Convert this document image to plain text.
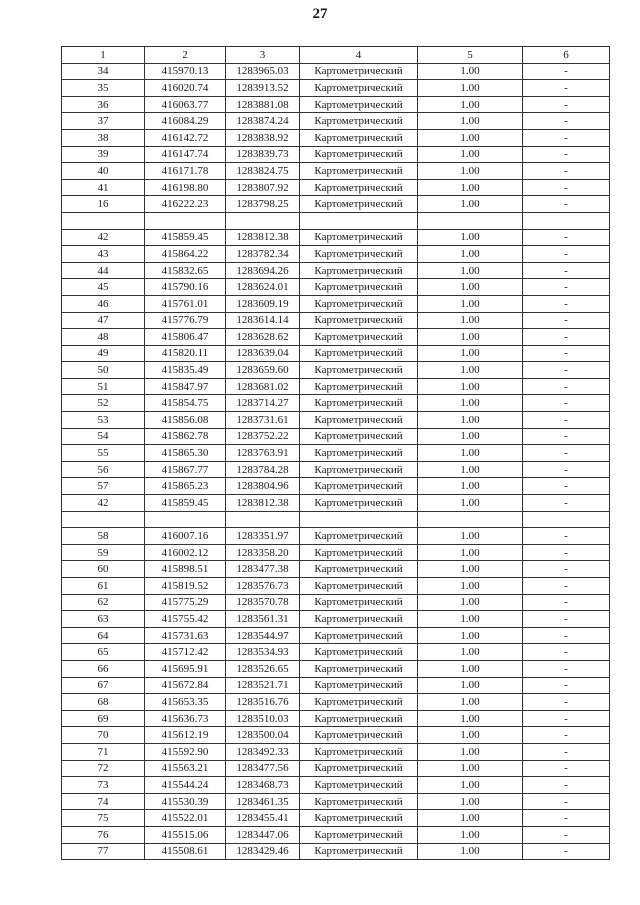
27
1	2	3	4	5	6
34	415970.13	1283965.03	Картометрический	1.00	-
35	416020.74	1283913.52	Картометрический	1.00	-
36	416063.77	1283881.08	Картометрический	1.00	-
37	416084.29	1283874.24	Картометрический	1.00	-
38	416142.72	1283838.92	Картометрический	1.00	-
39	416147.74	1283839.73	Картометрический	1.00	-
40	416171.78	1283824.75	Картометрический	1.00	-
41	416198.80	1283807.92	Картометрический	1.00	-
16	416222.23	1283798.25	Картометрический	1.00	-

42	415859.45	1283812.38	Картометрический	1.00	-
43	415864.22	1283782.34	Картометрический	1.00	-
44	415832.65	1283694.26	Картометрический	1.00	-
45	415790.16	1283624.01	Картометрический	1.00	-
46	415761.01	1283609.19	Картометрический	1.00	-
47	415776.79	1283614.14	Картометрический	1.00	-
48	415806.47	1283628.62	Картометрический	1.00	-
49	415820.11	1283639.04	Картометрический	1.00	-
50	415835.49	1283659.60	Картометрический	1.00	-
51	415847.97	1283681.02	Картометрический	1.00	-
52	415854.75	1283714.27	Картометрический	1.00	-
53	415856.08	1283731.61	Картометрический	1.00	-
54	415862.78	1283752.22	Картометрический	1.00	-
55	415865.30	1283763.91	Картометрический	1.00	-
56	415867.77	1283784.28	Картометрический	1.00	-
57	415865.23	1283804.96	Картометрический	1.00	-
42	415859.45	1283812.38	Картометрический	1.00	-

58	416007.16	1283351.97	Картометрический	1.00	-
59	416002.12	1283358.20	Картометрический	1.00	-
60	415898.51	1283477.38	Картометрический	1.00	-
61	415819.52	1283576.73	Картометрический	1.00	-
62	415775.29	1283570.78	Картометрический	1.00	-
63	415755.42	1283561.31	Картометрический	1.00	-
64	415731.63	1283544.97	Картометрический	1.00	-
65	415712.42	1283534.93	Картометрический	1.00	-
66	415695.91	1283526.65	Картометрический	1.00	-
67	415672.84	1283521.71	Картометрический	1.00	-
68	415653.35	1283516.76	Картометрический	1.00	-
69	415636.73	1283510.03	Картометрический	1.00	-
70	415612.19	1283500.04	Картометрический	1.00	-
71	415592.90	1283492.33	Картометрический	1.00	-
72	415563.21	1283477.56	Картометрический	1.00	-
73	415544.24	1283468.73	Картометрический	1.00	-
74	415530.39	1283461.35	Картометрический	1.00	-
75	415522.01	1283455.41	Картометрический	1.00	-
76	415515.06	1283447.06	Картометрический	1.00	-
77	415508.61	1283429.46	Картометрический	1.00	-
